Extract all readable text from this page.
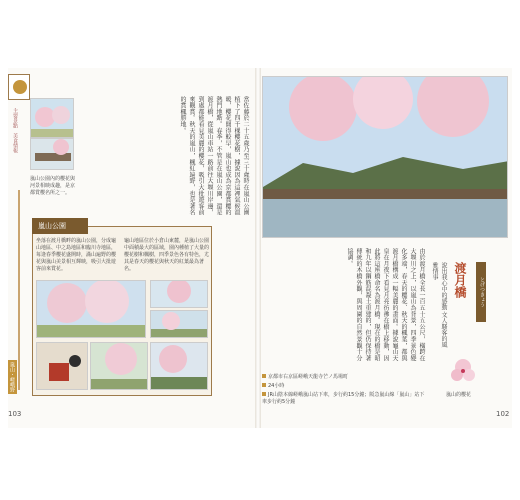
主要景點　美食情報
嵐山・嵯峨野
嵐山公園內的櫻花與河景相映成趣，是京都賞櫻名所之一。	當佐藤於二十五歲乃至三十歲時在嵐山公園植下了四千棵櫻花樹，據說因為這裡氣候溫暖，櫻花開得較早，嵐山也成為京都賞櫻的熱門地點。春季，不管是在嵐山公園，還是渡月橋，從嵐山車站一路前往大堰川岸邊，到處都能看見美麗的櫻花，吸引大批遊客前來觀賞。秋天的嵐山，楓紅遍野，也是著名的賞楓勝地。
嵐山公園
坐落在渡月橋畔的嵐山公園，分成龜山地區、中之島地區和臨川寺地區，每逢春季櫻花盛開時，滿山遍野的櫻花與嵐山美景相互輝映，吸引大批遊客前來賞花。
龜山地區位於小倉山東麓，是嵐山公園中面積最大的區域，園內種植了大量的櫻花樹和楓樹，四季景色各有特色，尤其是春天的櫻花與秋天的紅葉最為著名。
103
とげつきょう
渡月橋
說出我心中的感動 文人騷客的風雅情事
由於渡月橋全長一百五十五公尺，橫跨在大堰川之上，以嵐山為背景，四季景色變化多端，春天的櫻花、秋天的楓葉，都與渡月橋構成一幅美麗的畫面。據說龜山天皇在月夜下看見月亮彷彿在橋上移動，因此將這座橋命名為渡月橋。現在的橋是昭和九年以鋼筋混凝土重建的，但仍保持著傳統的木橋外觀，與周圍的自然景觀十分協調。
京都市右京區嵯峨天龍寺芒ノ馬場町
24小時
JR山陰本線嵯峨嵐山站下車，步行約15分鐘；阪急嵐山線「嵐山」站下車步行約5分鐘
嵐山的櫻花
102
